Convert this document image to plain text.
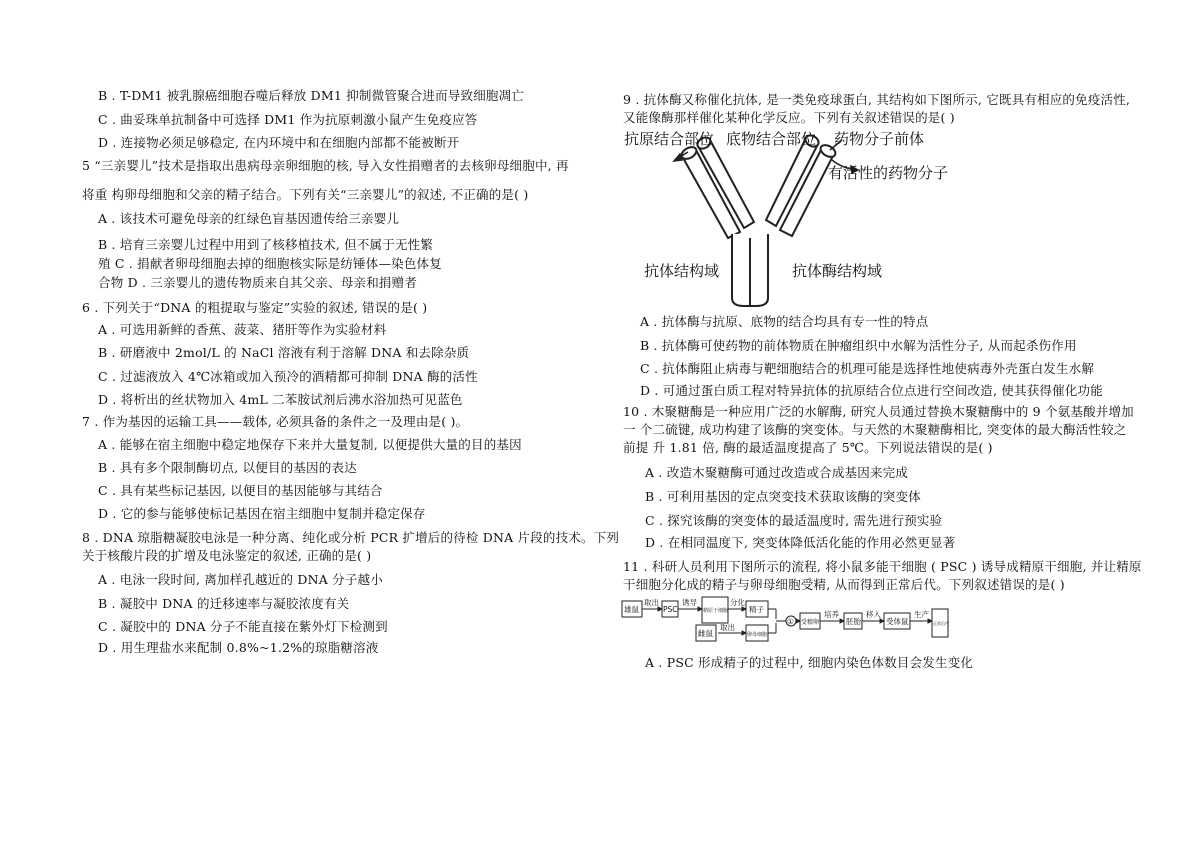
B . T-DM1 被乳腺癌细胞吞噬后释放 DM1 抑制微管聚合进而导致细胞凋亡
C . 曲妥珠单抗制备中可选择 DM1 作为抗原刺激小鼠产生免疫应答
D . 连接物必须足够稳定, 在内环境中和在细胞内部都不能被断开
5 “三亲婴儿”技术是指取出患病母亲卵细胞的核, 导入女性捐赠者的去核卵母细胞中, 再
将重 构卵母细胞和父亲的精子结合。下列有关“三亲婴儿”的叙述, 不正确的是( )
A . 该技术可避免母亲的红绿色盲基因遗传给三亲婴儿
B . 培育三亲婴儿过程中用到了核移植技术, 但不属于无性繁
殖 C . 捐献者卵母细胞去掉的细胞核实际是纺锤体—染色体复
合物 D . 三亲婴儿的遗传物质来自其父亲、母亲和捐赠者
6 . 下列关于“DNA 的粗提取与鉴定”实验的叙述, 错误的是( )
A . 可选用新鲜的香蕉、菠菜、猪肝等作为实验材料
B . 研磨液中 2mol/L 的 NaCl 溶液有利于溶解 DNA 和去除杂质
C . 过滤液放入 4℃冰箱或加入预冷的酒精都可抑制 DNA 酶的活性
D . 将析出的丝状物加入 4mL 二苯胺试剂后沸水浴加热可见蓝色
7 . 作为基因的运输工具——载体, 必须具备的条件之一及理由是( )。
A . 能够在宿主细胞中稳定地保存下来并大量复制, 以便提供大量的目的基因
B . 具有多个限制酶切点, 以便目的基因的表达
C . 具有某些标记基因, 以便目的基因能够与其结合
D . 它的参与能够使标记基因在宿主细胞中复制并稳定保存
8 . DNA 琼脂糖凝胶电泳是一种分离、纯化或分析 PCR 扩增后的待检 DNA 片段的技术。下列
关于核酸片段的扩增及电泳鉴定的叙述, 正确的是( )
A . 电泳一段时间, 离加样孔越近的 DNA 分子越小
B . 凝胶中 DNA 的迁移速率与凝胶浓度有关
C . 凝胶中的 DNA 分子不能直接在紫外灯下检测到
D . 用生理盐水来配制 0.8%~1.2%的琼脂糖溶液
9 . 抗体酶又称催化抗体, 是一类免疫球蛋白, 其结构如下图所示, 它既具有相应的免疫活性,
又能像酶那样催化某种化学反应。下列有关叙述错误的是( )
抗原结合部位 底物结合部位 药物分子前体
有活性的药物分子
抗体结构域	抗体酶结构域
A . 抗体酶与抗原、底物的结合均具有专一性的特点
B . 抗体酶可使药物的前体物质在肿瘤组织中水解为活性分子, 从而起杀伤作用
C . 抗体酶阻止病毒与靶细胞结合的机理可能是选择性地使病毒外壳蛋白发生水解
D . 可通过蛋白质工程对特异抗体的抗原结合位点进行空间改造, 使其获得催化功能
10 . 木聚糖酶是一种应用广泛的水解酶, 研究人员通过替换木聚糖酶中的 9 个氨基酸并增加
一 个二硫键, 成功构建了该酶的突变体。与天然的木聚糖酶相比, 突变体的最大酶活性较之
前提 升 1.81 倍, 酶的最适温度提高了 5℃。下列说法错误的是( )
A . 改造木聚糖酶可通过改造或合成基因来完成
B . 可利用基因的定点突变技术获取该酶的突变体
C . 探究该酶的突变体的最适温度时, 需先进行预实验
D . 在相同温度下, 突变体降低活化能的作用必然更显著
11 . 科研人员利用下图所示的流程, 将小鼠多能干细胞 ( PSC ) 诱导成精原干细胞, 并让精原
干细胞分化成的精子与卵母细胞受精, 从而得到正常后代。下列叙述错误的是( )
雄鼠
取出
PSC
诱导
精原干细胞
分化
精子
① 受精卵
培养
胚胎
移入
受体鼠
生产
正常后代
雌鼠
取出
卵母细胞
A . PSC 形成精子的过程中, 细胞内染色体数目会发生变化
